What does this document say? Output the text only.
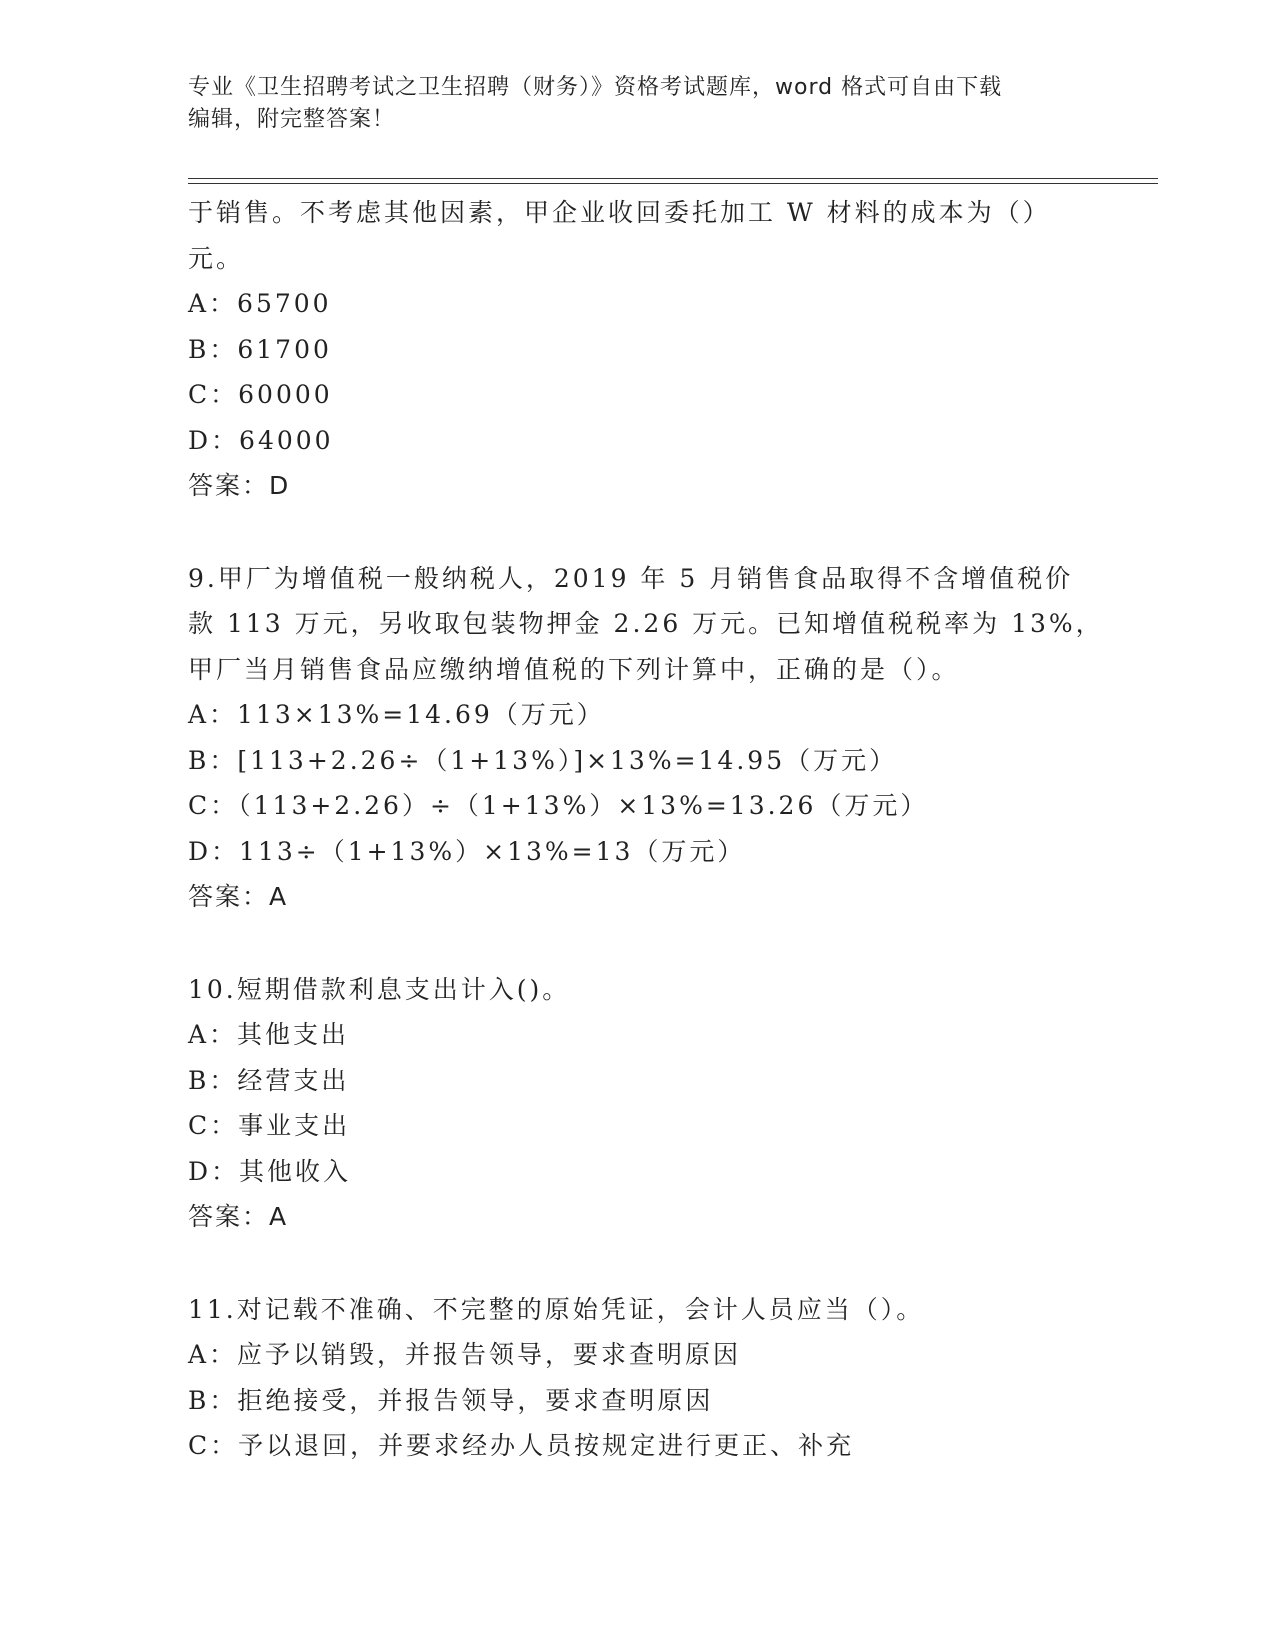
专业《卫生招聘考试之卫生招聘（财务）》资格考试题库，word 格式可自由下载
编辑，附完整答案！
于销售。不考虑其他因素，甲企业收回委托加工 W 材料的成本为（）
元。
A：65700
B：61700
C：60000
D：64000
答案：D
9.甲厂为增值税一般纳税人，2019 年 5 月销售食品取得不含增值税价
款 113 万元，另收取包装物押金 2.26 万元。已知增值税税率为 13%，
甲厂当月销售食品应缴纳增值税的下列计算中，正确的是（）。
A：113×13%=14.69（万元）
B：[113+2.26÷（1+13%）]×13%=14.95（万元）
C：（113+2.26）÷（1+13%）×13%=13.26（万元）
D：113÷（1+13%）×13%=13（万元）
答案：A
10.短期借款利息支出计入()。
A：其他支出
B：经营支出
C：事业支出
D：其他收入
答案：A
11.对记载不准确、不完整的原始凭证，会计人员应当（）。
A：应予以销毁，并报告领导，要求查明原因
B：拒绝接受，并报告领导，要求查明原因
C：予以退回，并要求经办人员按规定进行更正、补充
